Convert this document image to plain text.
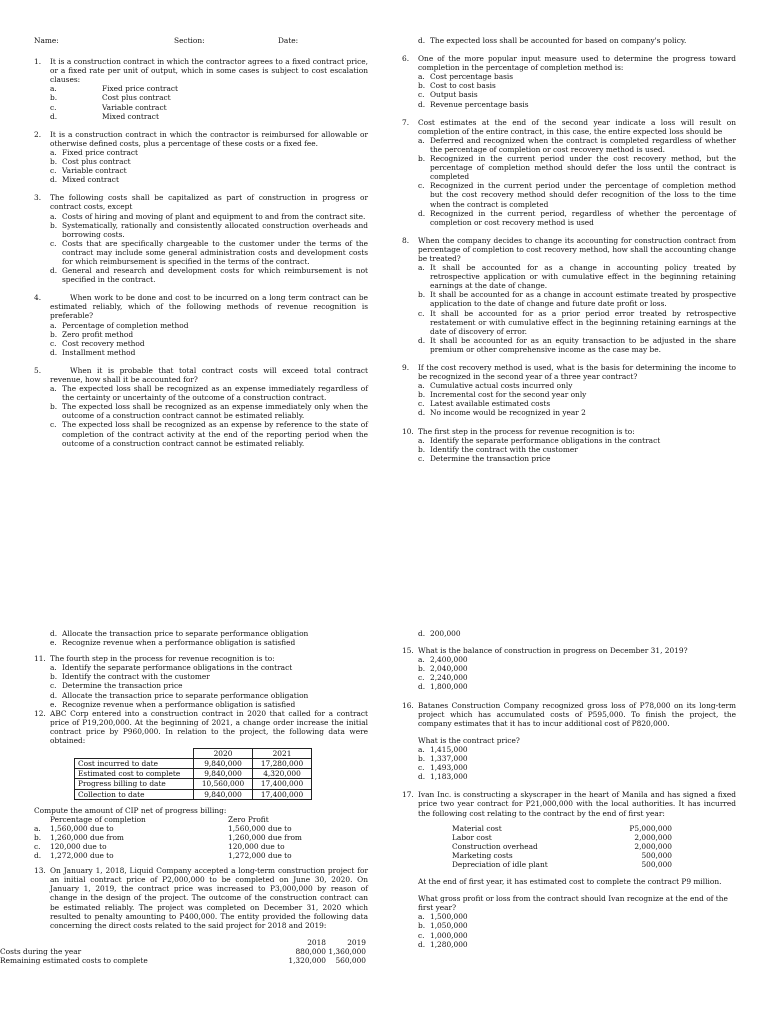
Name:	Section:	Date:
1.	It is a construction contract in which the contractor agrees to a fixed contract price, or a fixed rate per unit of output, which in some cases is subject to cost escalation clauses:
a.	Fixed price contract
b.	Cost plus contract
c.	Variable contract
d.	Mixed contract
2.	It is a construction contract in which the contractor is reimbursed for allowable or otherwise defined costs, plus a percentage of these costs or a fixed fee.
a. Fixed price contract
b. Cost plus contract
c. Variable contract
d. Mixed contract
3.	The following costs shall be capitalized as part of construction in progress or contract costs, except
a. Costs of hiring and moving of plant and equipment to and from the contract site.
b. Systematically, rationally and consistently allocated construction overheads and borrowing costs.
c. Costs that are specifically chargeable to the customer under the terms of the contract may include some general administration costs and development costs for which reimbursement is specified in the terms of the contract.
d. General and research and development costs for which reimbursement is not specified in the contract.
4.	When work to be done and cost to be incurred on a long term contract can be estimated reliably, which of the following methods of revenue recognition is preferable?
a. Percentage of completion method
b. Zero profit method
c. Cost recovery method
d. Installment method
5.	When it is probable that total contract costs will exceed total contract revenue, how shall it be accounted for?
a. The expected loss shall be recognized as an expense immediately regardless of the certainty or uncertainty of the outcome of a construction contract.
b. The expected loss shall be recognized as an expense immediately only when the outcome of a construction contract cannot be estimated reliably.
c. The expected loss shall be recognized as an expense by reference to the state of completion of the contract activity at the end of the reporting period when the outcome of a construction contract cannot be estimated reliably.
d. The expected loss shall be accounted for based on company's policy.
6.	One of the more popular input measure used to determine the progress toward completion in the percentage of completion method is:
a. Cost percentage basis
b. Cost to cost basis
c. Output basis
d. Revenue percentage basis
7.	Cost estimates at the end of the second year indicate a loss will result on completion of the entire contract, in this case, the entire expected loss should be
a. Deferred and recognized when the contract is completed regardless of whether the percentage of completion or cost recovery method is used.
b. Recognized in the current period under the cost recovery method, but the percentage of completion method should defer the loss until the contract is completed
c. Recognized in the current period under the percentage of completion method but the cost recovery method should defer recognition of the loss to the time when the contract is completed
d. Recognized in the current period, regardless of whether the percentage of completion or cost recovery method is used
8.	When the company decides to change its accounting for construction contract from percentage of completion to cost recovery method, how shall the accounting change be treated?
a. It shall be accounted for as a change in accounting policy treated by retrospective application or with cumulative effect in the beginning retaining earnings at the date of change.
b. It shall be accounted for as a change in account estimate treated by prospective application to the date of change and future date profit or loss.
c. It shall be accounted for as a prior period error treated by retrospective restatement or with cumulative effect in the beginning retaining earnings at the date of discovery of error.
d. It shall be accounted for as an equity transaction to be adjusted in the share premium or other comprehensive income as the case may be.
9.	If the cost recovery method is used, what is the basis for determining the income to be recognized in the second year of a three year contract?
a. Cumulative actual costs incurred only
b. Incremental cost for the second year only
c. Latest available estimated costs
d. No income would be recognized in year 2
10. The first step in the process for revenue recognition is to:
a. Identify the separate performance obligations in the contract
b. Identify the contract with the customer
c. Determine the transaction price
d. Allocate the transaction price to separate performance obligation
e. Recognize revenue when a performance obligation is satisfied
11. The fourth step in the process for revenue recognition is to:
a. Identify the separate performance obligations in the contract
b. Identify the contract with the customer
c. Determine the transaction price
d. Allocate the transaction price to separate performance obligation
e. Recognize revenue when a performance obligation is satisfied
12. ABC Corp entered into a construction contract in 2020 that called for a contract price of P19,200,000. At the beginning of 2021, a change order increase the initial contract price by P960,000. In relation to the project, the following data were obtained:
	2020	2021
Cost incurred to date	9,840,000	17,280,000
Estimated cost to complete	9,840,000	4,320,000
Progress billing to date	10,560,000	17,400,000
Collection to date	9,840,000	17,400,000
Compute the amount of CIP net of progress billing:
Percentage of completion	Zero Profit
a.	1,560,000 due to	1,560,000 due to
b.	1,260,000 due from	1,260,000 due from
c.	120,000 due to	120,000 due to
d.	1,272,000 due to	1,272,000 due to
13. On January 1, 2018, Liquid Company accepted a long-term construction project for an initial contract price of P2,000,000 to be completed on June 30, 2020. On January 1, 2019, the contract price was increased to P3,000,000 by reason of change in the design of the project. The outcome of the construction contract can be estimated reliably. The project was completed on December 31, 2020 which resulted to penalty amounting to P400,000. The entity provided the following data concerning the direct costs related to the said project for 2018 and 2019:
2018	2019
Costs during the year	880,000 1,360,000
Remaining estimated costs to complete	1,320,000	560,000
d. 200,000
15. What is the balance of construction in progress on December 31, 2019?
a. 2,400,000
b. 2,040,000
c. 2,240,000
d. 1,800,000
16. Batanes Construction Company recognized gross loss of P78,000 on its long-term project which has accumulated costs of P595,000. To finish the project, the company estimates that it has to incur additional cost of P820,000.
What is the contract price?
a. 1,415,000
b. 1,337,000
c. 1,493,000
d. 1,183,000
17. Ivan Inc. is constructing a skyscraper in the heart of Manila and has signed a fixed price two year contract for P21,000,000 with the local authorities. It has incurred the following cost relating to the contract by the end of first year:
Material cost	P5,000,000
Labor cost	2,000,000
Construction overhead	2,000,000
Marketing costs	500,000
Depreciation of idle plant	500,000
At the end of first year, it has estimated cost to complete the contract P9 million.
What gross profit or loss from the contract should Ivan recognize at the end of the first year?
a. 1,500,000
b. 1,050,000
c. 1,000,000
d. 1,280,000
